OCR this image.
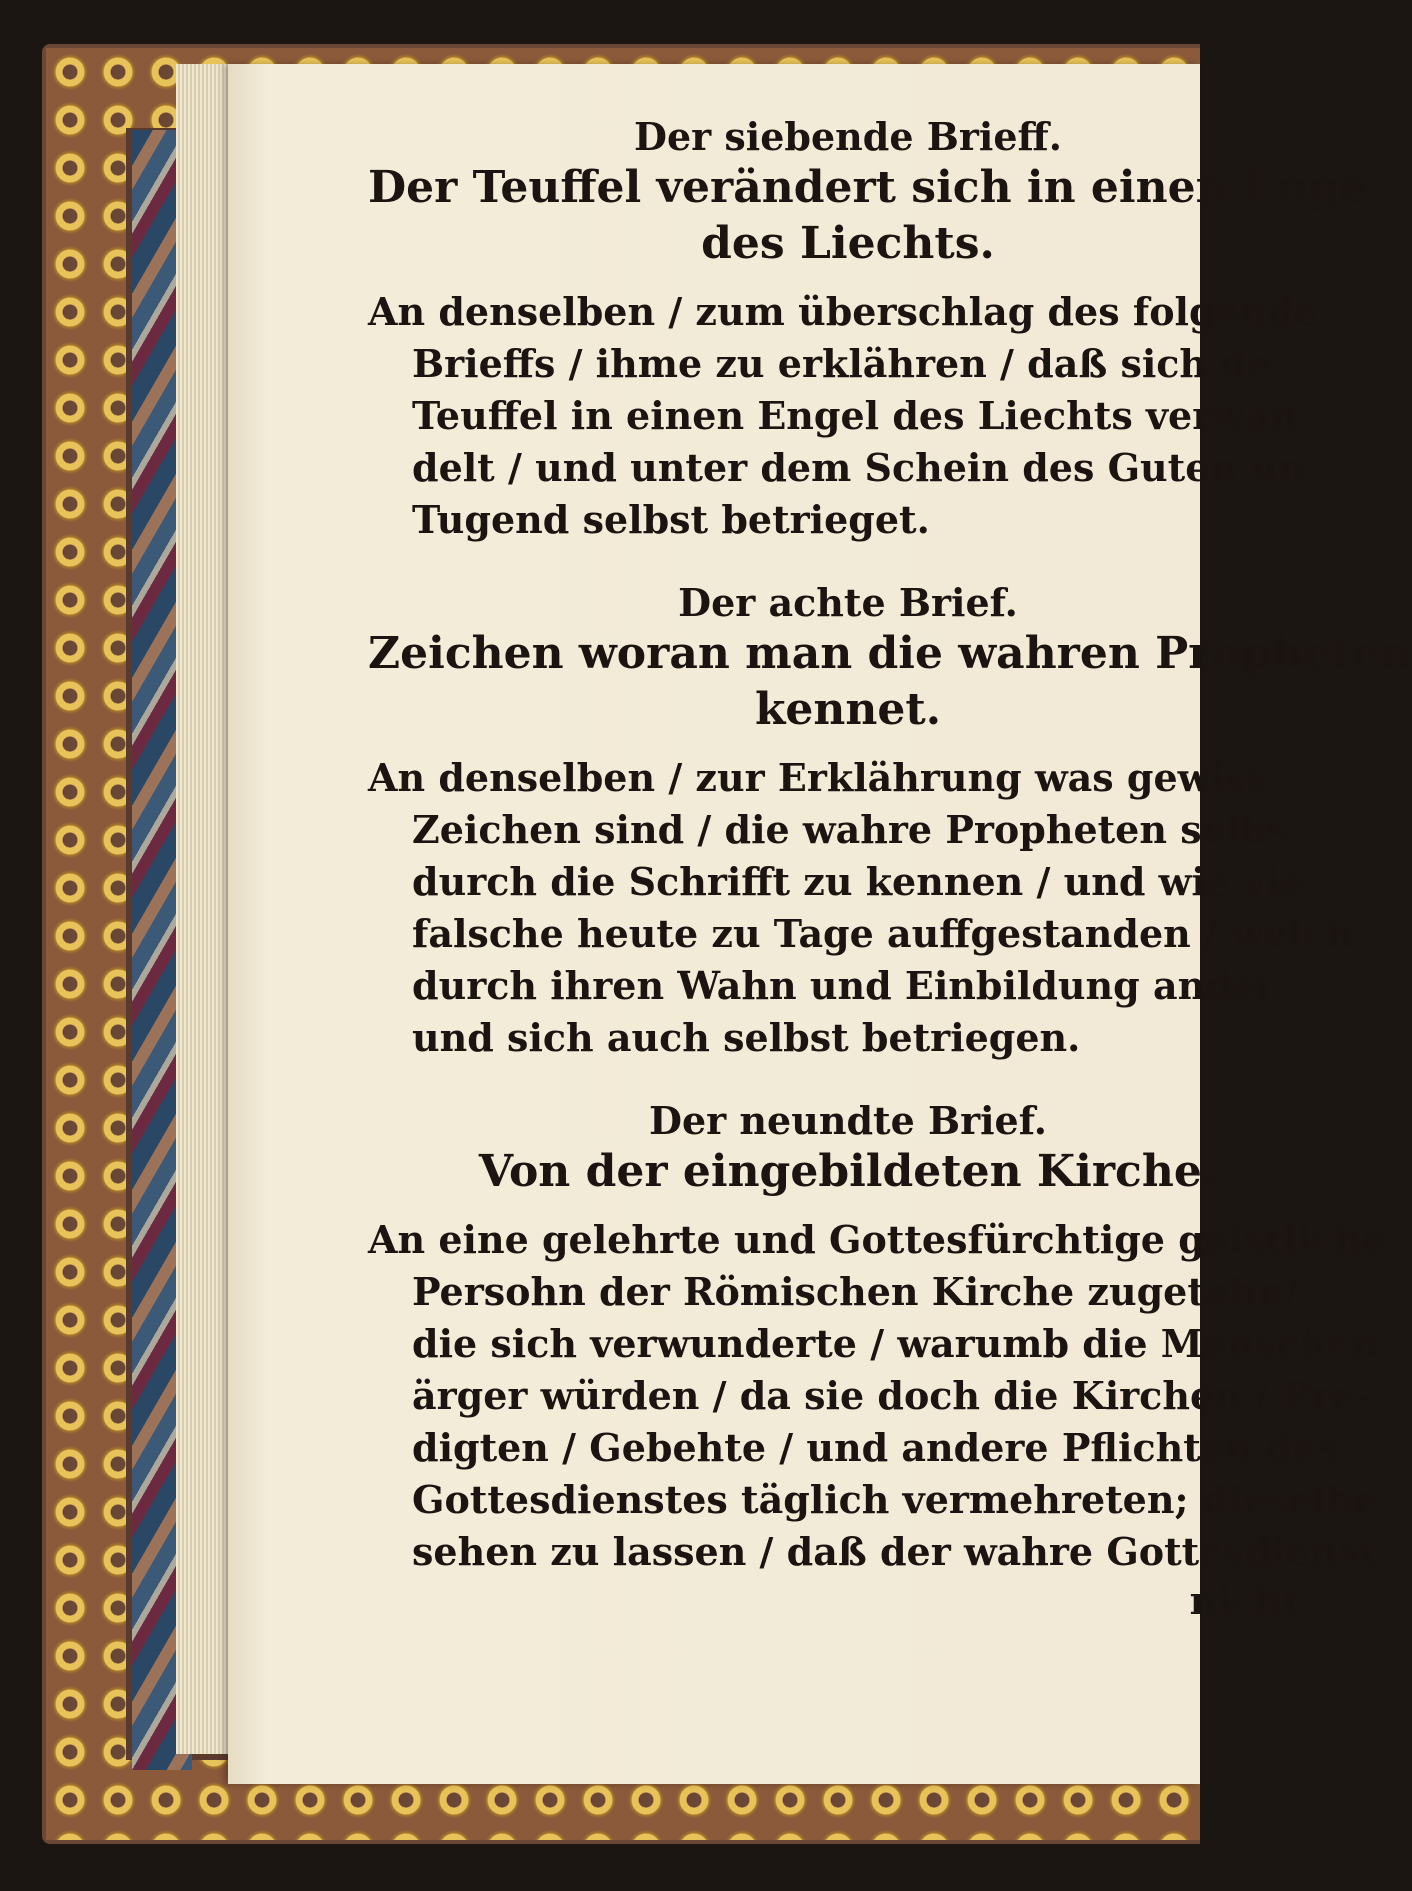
Der siebende Brieff.

Der Teuffel verändert sich in einen Enge

des Liechts.

An denselben / zum überschlag des folgende
Brieffs / ihme zu erklähren / daß sich de
Teuffel in einen Engel des Liechts verwan
delt / und unter dem Schein des Guten un
Tugend selbst betrieget.

Der achte Brief.

Zeichen woran man die wahren Propheten

kennet.

An denselben / zur Erklährung was gewiss
Zeichen sind / die wahre Propheten selbs
durch die Schrifft zu kennen / und wie vie
falsche heute zu Tage auffgestanden / welch
durch ihren Wahn und Einbildung ander
und sich auch selbst betriegen.

Der neundte Brief.

Von der eingebildeten Kirche.

An eine gelehrte und Gottesfürchtige geistliche
Persohn der Römischen Kirche zugetahn/
die sich verwunderte / warumb die Menschen
ärger würden / da sie doch die Kirchen / Pre-
digten / Gebehte / und andere Pflichten des
Gottesdienstes täglich vermehreten; dieselbe
sehen zu lassen / daß der wahre Gottesdienst

nicht
